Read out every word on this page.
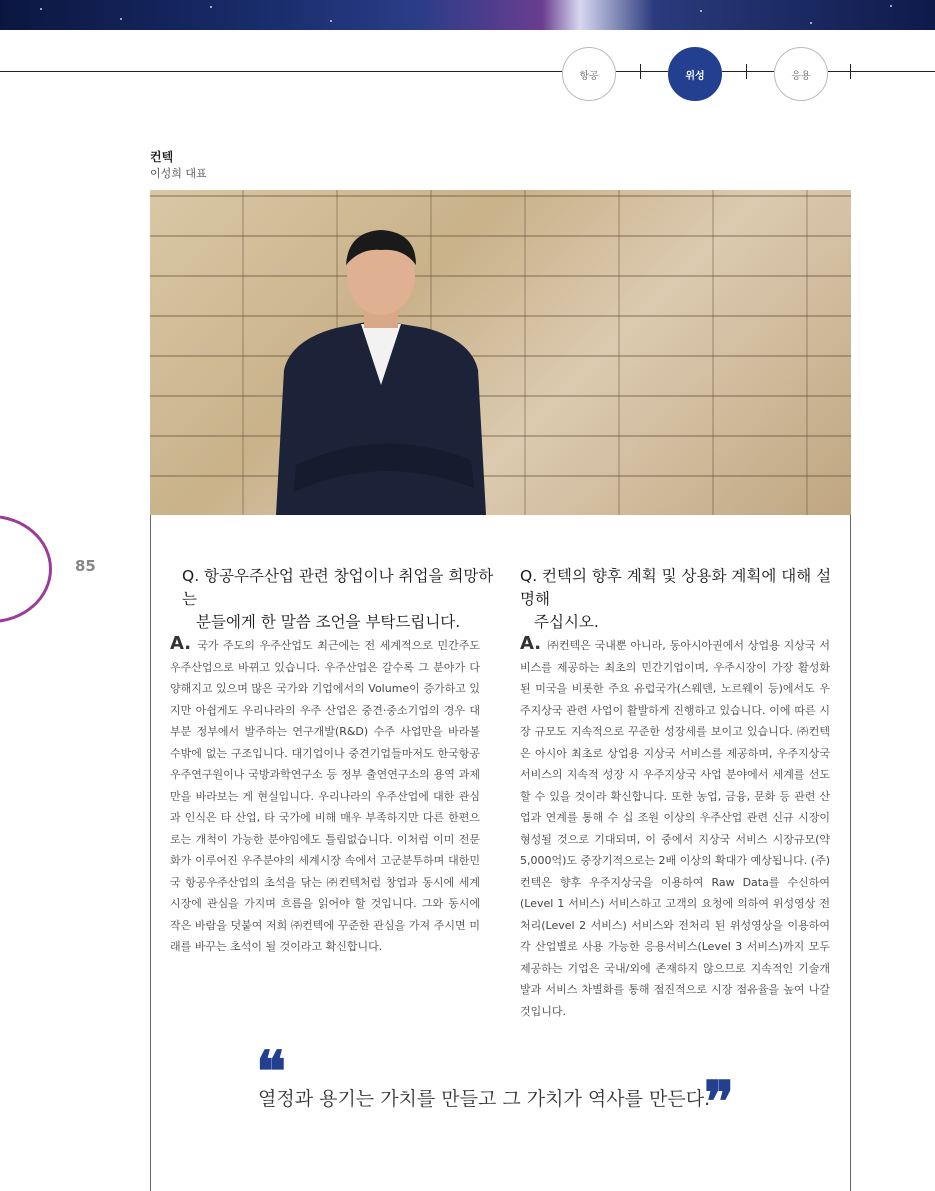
항공	위성	응용
컨텍
이성희 대표
85
Q. 항공우주산업 관련 창업이나 취업을 희망하는
분들에게 한 말씀 조언을 부탁드립니다.
A. 국가 주도의 우주산업도 최근에는 전 세계적으로 민간주도 우주산업으로 바뀌고 있습니다. 우주산업은 갈수록 그 분야가 다양해지고 있으며 많은 국가와 기업에서의 Volume이 증가하고 있지만 아쉽게도 우리나라의 우주 산업은 중견·중소기업의 경우 대부분 정부에서 발주하는 연구개발(R&D) 수주 사업만을 바라볼 수밖에 없는 구조입니다. 대기업이나 중견기업들마저도 한국항공우주연구원이나 국방과학연구소 등 정부 출연연구소의 용역 과제만을 바라보는 게 현실입니다. 우리나라의 우주산업에 대한 관심과 인식은 타 산업, 타 국가에 비해 매우 부족하지만 다른 한편으로는 개척이 가능한 분야임에도 틀림없습니다. 이처럼 이미 전문화가 이루어진 우주분야의 세계시장 속에서 고군분투하며 대한민국 항공우주산업의 초석을 닦는 ㈜컨텍처럼 창업과 동시에 세계시장에 관심을 가지며 흐름을 읽어야 할 것입니다. 그와 동시에 작은 바람을 덧붙여 저희 ㈜컨텍에 꾸준한 관심을 가져 주시면 미래를 바꾸는 초석이 될 것이라고 확신합니다.
Q. 컨텍의 향후 계획 및 상용화 계획에 대해 설명해
주십시오.
A. ㈜컨텍은 국내뿐 아니라, 동아시아권에서 상업용 지상국 서비스를 제공하는 최초의 민간기업이며, 우주시장이 가장 활성화된 미국을 비롯한 주요 유럽국가(스웨덴, 노르웨이 등)에서도 우주지상국 관련 사업이 활발하게 진행하고 있습니다. 이에 따른 시장 규모도 지속적으로 꾸준한 성장세를 보이고 있습니다. ㈜컨텍은 아시아 최초로 상업용 지상국 서비스를 제공하며, 우주지상국 서비스의 지속적 성장 시 우주지상국 사업 분야에서 세계를 선도할 수 있을 것이라 확신합니다. 또한 농업, 금융, 문화 등 관련 산업과 연계를 통해 수 십 조원 이상의 우주산업 관련 신규 시장이 형성될 것으로 기대되며, 이 중에서 지상국 서비스 시장규모(약 5,000억)도 중장기적으로는 2배 이상의 확대가 예상됩니다. (주)컨텍은 향후 우주지상국을 이용하여 Raw Data를 수신하여(Level 1 서비스) 서비스하고 고객의 요청에 의하여 위성영상 전처리(Level 2 서비스) 서비스와 전처리 된 위성영상을 이용하여 각 산업별로 사용 가능한 응용서비스(Level 3 서비스)까지 모두 제공하는 기업은 국내/외에 존재하지 않으므로 지속적인 기술개발과 서비스 차별화를 통해 점진적으로 시장 점유율을 높여 나갈 것입니다.
❝
열정과 용기는 가치를 만들고 그 가치가 역사를 만든다.
❞
